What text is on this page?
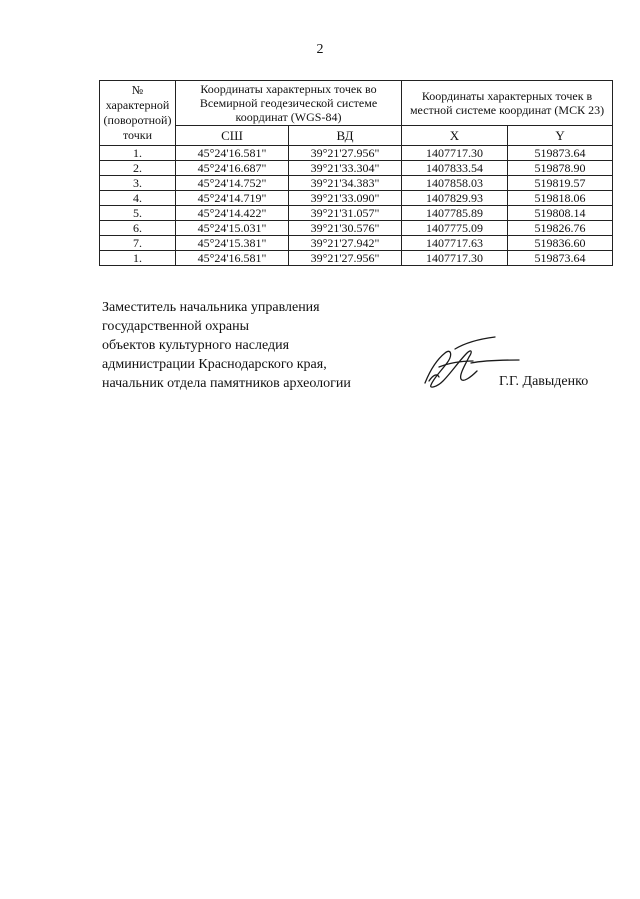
2
№
характерной
(поворотной)
точки	Координаты характерных точек во Всемирной геодезической системе координат (WGS-84)		Координаты характерных точек в местной системе координат (МСК 23)	
	СШ	ВД	X	Y
1.	45°24'16.581"	39°21'27.956"	1407717.30	519873.64
2.	45°24'16.687"	39°21'33.304"	1407833.54	519878.90
3.	45°24'14.752"	39°21'34.383"	1407858.03	519819.57
4.	45°24'14.719"	39°21'33.090"	1407829.93	519818.06
5.	45°24'14.422"	39°21'31.057"	1407785.89	519808.14
6.	45°24'15.031"	39°21'30.576"	1407775.09	519826.76
7.	45°24'15.381"	39°21'27.942"	1407717.63	519836.60
1.	45°24'16.581"	39°21'27.956"	1407717.30	519873.64
Заместитель начальника управления
государственной охраны
объектов культурного наследия
администрации Краснодарского края,
начальник отдела памятников археологии	Г.Г. Давыденко
